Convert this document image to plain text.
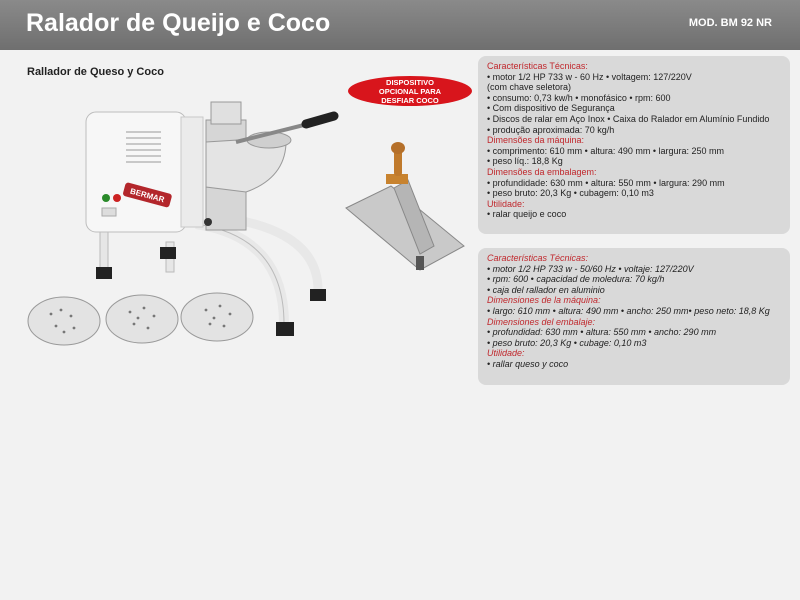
Ralador de Queijo e Coco	MOD. BM 92 NR
Rallador de Queso y Coco
BERMAR
DISPOSITIVO
OPCIONAL PARA
DESFIAR COCO
Características Técnicas:
• motor 1/2 HP 733 w - 60 Hz • voltagem: 127/220V
(com chave seletora)
• consumo: 0,73 kw/h • monofásico • rpm: 600
• Com dispositivo de Segurança
• Discos de ralar em Aço Inox • Caixa do Ralador em Alumínio Fundido
• produção aproximada: 70 kg/h
Dimensões da máquina:
• comprimento: 610 mm • altura: 490 mm • largura: 250 mm
• peso líq.: 18,8 Kg
Dimensões da embalagem:
• profundidade: 630 mm • altura: 550 mm • largura: 290 mm
• peso bruto: 20,3 Kg • cubagem: 0,10 m3
Utilidade:
• ralar queijo e coco
Características Técnicas:
• motor 1/2 HP 733 w - 50/60 Hz • voltaje: 127/220V
• rpm: 600 • capacidad de moledura: 70 kg/h
• caja del rallador en aluminio
Dimensiones de la máquina:
• largo: 610 mm • altura: 490 mm • ancho: 250 mm• peso neto: 18,8 Kg
Dimensiones del embalaje:
• profundidad: 630 mm • altura: 550 mm • ancho: 290 mm
• peso bruto: 20,3 Kg • cubage: 0,10 m3
Utilidade:
• rallar queso y coco
